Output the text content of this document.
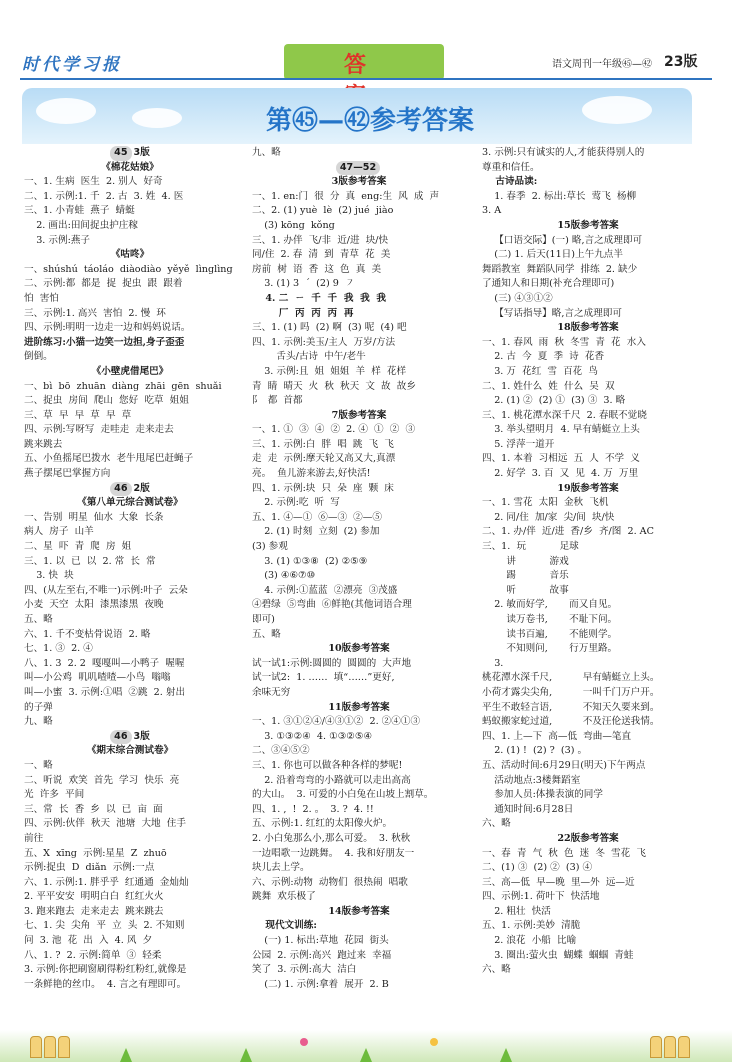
时代学习报	答	语文周刊一年级㊺—㊷ 23版
第㊺—㊷参考答案

45 3版

《棉花姑娘》

一、1. 生病  医生  2. 别人  好奇

二、1. 示例:1. 千  2. 古  3. 姓  4. 医

三、1. 小青蛙  燕子  蜻蜓

2. 画出:田间捉虫护庄稼

3. 示例:燕子

《咕咚》

一、shúshú  táoláo  diàodiào  yěyě  lìnglìng

二、示例:都  都是  捉  捉虫  跟  跟着

怕  害怕

三、示例:1. 高兴  害怕  2. 慢  环

四、示例:明明一边走一边和妈妈说话。

进阶练习:小猫一边笑一边担,身子歪歪

倒倒。

《小壁虎借尾巴》

一、bì  bō  zhuān  diàng  zhāi  gēn  shuǎi

二、捉虫  房间  爬山  您好  吃草  姐姐

三、草  早  早  草  早  草

四、示例:写呀写  走哇走  走来走去

跳来跳去

五、小鱼摇尾巴拨水  老牛甩尾巴赶蝇子

燕子摆尾巴掌握方向

46 2版

《第八单元综合测试卷》

一、告别  明星  仙水  大象  长条

病人  房子  山羊

二、星  吓  青  爬  房  姐

三、1. 以  已  以  2. 常  长  常

3. 快  块

四、(从左至右,不唯一)示例:叶子  云朵

小麦  天空  太阳  漆黑漆黑  夜晚

五、略

六、1. 千不变枯骨说语  2. 略

七、1. ③  2. ④

八、1. 3  2. 2  嘎嘎叫—小鸭子  喔喔

叫—小公鸡  叽叽喳喳—小鸟  嗡嗡

叫—小蜜  3. 示例:①唱  ②跳  2. 射出

的子弹

九、略

46 3版

《期末综合测试卷》

一、略

二、听说  欢笑  首先  学习  快乐  亮

光  许多  平间

三、常  长  香  乡  以  已  亩  面

四、示例:伙伴  秋天  池塘  大地  住手

前往

五、X  xīng  示例:星星  Z  zhuō

示例:捉虫  D  diǎn  示例:一点

六、1. 示例:1. 胖乎乎  红通通  金灿灿

2. 平平安安  明明白白  红红火火

3. 跑来跑去  走来走去  跳来跳去

七、1. 尖  尖角  平  立  头  2. 不知则

问  3. 池  花  出  入  4. 风  夕

八、1. ?  2. 示例:简单  ③  轻柔

3. 示例:你把刷窗刷得粉红粉红,就像是

一条鲜艳的丝巾。  4. 言之有理即可。

九、略

47—52

3版参考答案

一、1. en:门  很  分  真  eng:生  风  成  声

二、2. (1) yuè  lè  (2) jué  jiào

(3) kōng  kǒng

三、1. 办伴  飞/非  近/进  块/快

同/住  2. 春  清  到  青草  花  美

房前  树  语  香  这  色  真  美

3. (1) 3  ˊ  (2) 9  ㇇

4. 二  ㄧ  千  千  我  我  我

厂  丙  丙  丙  再

三、1. (1) 吗  (2) 啊  (3) 呢  (4) 吧

四、1. 示例:美玉/主人  万岁/方法

舌头/古诗  中午/老牛

3. 示例:且  姐  姐姐  羊  样  花样

青  睛  晴天  火  秋  秋天  文  故  故乡

阝  都  首都

7版参考答案

一、1. ①  ③  ④  ②  2. ④  ①  ②  ③

三、1. 示例:白  胖  唱  跳  飞  飞

走  走  示例:摩天轮又高又大,真漂

亮。  鱼儿游来游去,好快活!

四、1. 示例:块  只  朵  座  颗  床

2. 示例:吃  听  写

五、1. ④—①  ⑥—③  ②—⑤

2. (1) 时刻  立刻  (2) 参加

(3) 参观

3. (1) ①③⑧  (2) ②⑤⑨

(3) ④⑥⑦⑩

4. 示例:①蓝蓝  ②漂亮  ③茂盛

④碧绿  ⑤弯曲  ⑥鲜艳(其他词语合理

即可)

五、略

10版参考答案

试一试1:示例:圆圆的  圆圆的  大声地

试一试2:  1. ……  填“……”更好,

余味无穷

11版参考答案

一、1. ③①②④/④③①②  2. ②④①③

3. ①③②④  4. ①③②⑤④

二、③④⑤②

三、1. 你也可以做各种各样的梦呢!

2. 沿着弯弯的小路就可以走出高高

的大山。  3. 可爱的小白兔在山坡上割草。

四、1. ,  !  2. 。  3. ?  4. !!

五、示例:1. 红红的太阳像火炉。

2. 小白兔那么小,那么可爱。  3. 秋秋

一边唱歌一边跳舞。  4. 我和好朋友一

块儿去上学。

六、示例:动物  动物们  很热闹  唱歌

跳舞  欢乐极了

14版参考答案

现代文训练:

(一) 1. 标出:草地  花园  街头

公园  2. 示例:高兴  跑过来  幸福

笑了  3. 示例:高大  洁白

(二) 1. 示例:拿着  展开  2. B

3. 示例:只有诚实的人,才能获得别人的

尊重和信任。

古诗品读:

1. 春季  2. 标出:草长  莺飞  杨柳

3. A

15版参考答案

【口语交际】(一) 略,言之成理即可

(二) 1. 后天(11日)上午九点半

舞蹈教室  舞蹈队同学  排练  2. 缺少

了通知人和日期(补充合理即可)

(三) ④③①②

【写话指导】略,言之成理即可

18版参考答案

一、1. 春风  雨  秋  冬雪  青  花  水入

2. 古  今  夏  季  诗  花香

3. 万  花红  雪  百花  鸟

二、1. 姓什么  姓  什么  吴  双

2. (1) ②  (2) ①  (3) ③  3. 略

三、1. 桃花潭水深千尺  2. 春眠不觉晓

3. 举头望明月  4. 早有蜻蜓立上头

5. 浮萍一道开

四、1. 本着  习相远  五  人  不学  义

2. 好学  3. 百  又  见  4. 万  万里

19版参考答案

一、1. 雪花  太阳  金秋  飞机

2. 同/住  加/家  尖/间  块/快

二、1. 办/伴  近/进  香/乡  齐/图  2. AC

三、1.  玩           足球

讲           游戏

踢           音乐

听           故事

2. 敏而好学,       而又自见。

读万卷书,       不耻下问。

读书百遍,       不能则学。

不知则问,       行万里路。

3.

桃花潭水深千尺,          早有蜻蜓立上头。

小荷才露尖尖角,          一叫千门万户开。

平生不敢轻言语,          不知天久要来到。

蚂蚁搬家蛇过道,          不及汪伦送我情。

四、1. 上—下  高—低  弯曲—笔直

2. (1) !  (2) ?  (3) 。

五、活动时间:6月29日(明天)下午两点

活动地点:3楼舞蹈室

参加人员:体操表演的同学

通知时间:6月28日

六、略

22版参考答案

一、春  青  气  秋  色  迷  冬  雪花  飞

二、(1) ③  (2) ②  (3) ④

三、高—低  早—晚  里—外  远—近

四、示例:1. 荷叶下  快活地

2. 粗壮  快活

五、1. 示例:美妙  清脆

2. 浪花  小船  比喻

3. 圈出:萤火虫  蝴蝶  蝈蝈  青蛙

六、略
